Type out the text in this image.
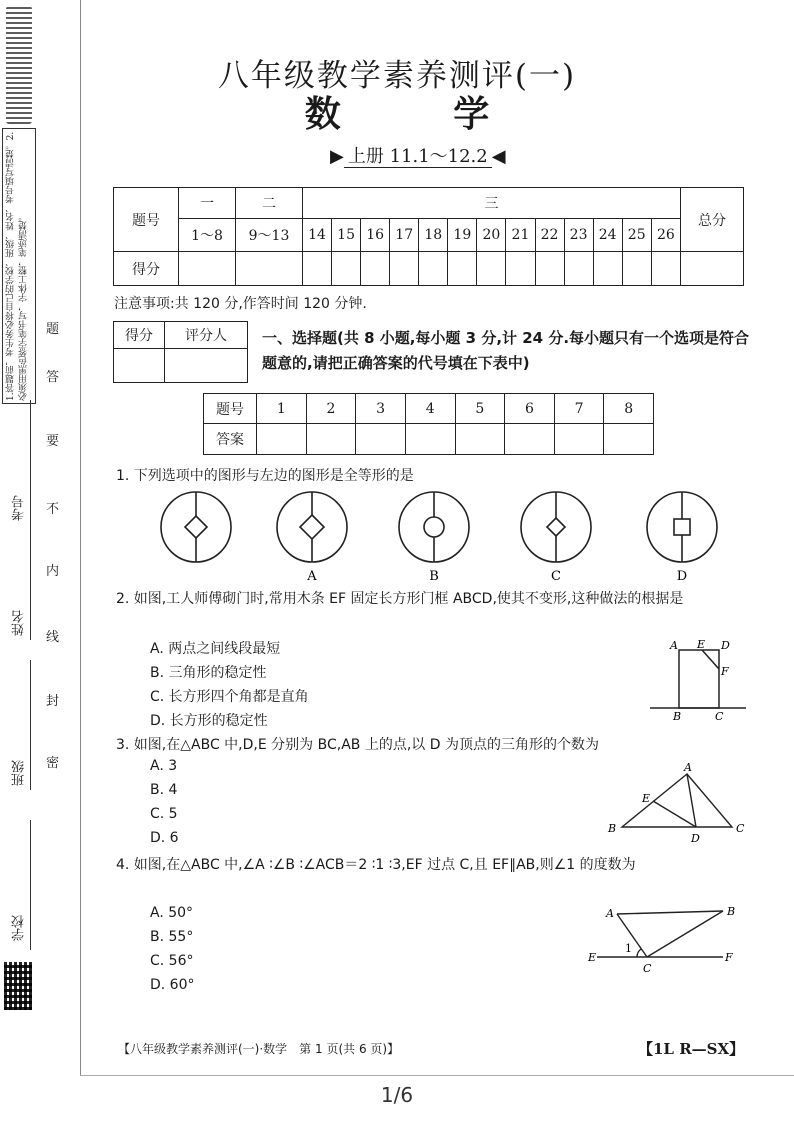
1.答题前，考生务必将自己的学校、班级、姓名、考号填写清楚。2.必须用黑色签字笔书写，字体工整，笔迹清楚。
学校
班级
姓名
考号
题
答
要
不
内
线
封
密
八年级教学素养测评(一)
数 学
▶ 上册 11.1～12.2 ◀
题号	一	二	三													总分
	1～8	9～13	14	15	16	17	18	19	20	21	22	23	24	25	26	
得分																
注意事项:共 120 分,作答时间 120 分钟.
得分	评分人
	一、选择题(共 8 小题,每小题 3 分,计 24 分.每小题只有一个选项是符合题意的,请把正确答案的代号填在下表中)
题号	1	2	3	4	5	6	7	8
答案								
1. 下列选项中的图形与左边的图形是全等形的是
A	B	C	D
2. 如图,工人师傅砌门时,常用木条 EF 固定长方形门框 ABCD,使其不变形,这种做法的根据是
A. 两点之间线段最短
B. 三角形的稳定性
C. 长方形四个角都是直角
D. 长方形的稳定性
A E D
F
B	C
3. 如图,在△ABC 中,D,E 分别为 BC,AB 上的点,以 D 为顶点的三角形的个数为
A. 3
B. 4
C. 5
D. 6
A
E
B
D
C
4. 如图,在△ABC 中,∠A ∶∠B ∶∠ACB＝2 ∶1 ∶3,EF 过点 C,且 EF∥AB,则∠1 的度数为
A. 50°
B. 55°
C. 56°
D. 60°
A	B
1
E
C
F
【八年级教学素养测评(一)·数学　第 1 页(共 6 页)】	【1L R—SX】
1/6
